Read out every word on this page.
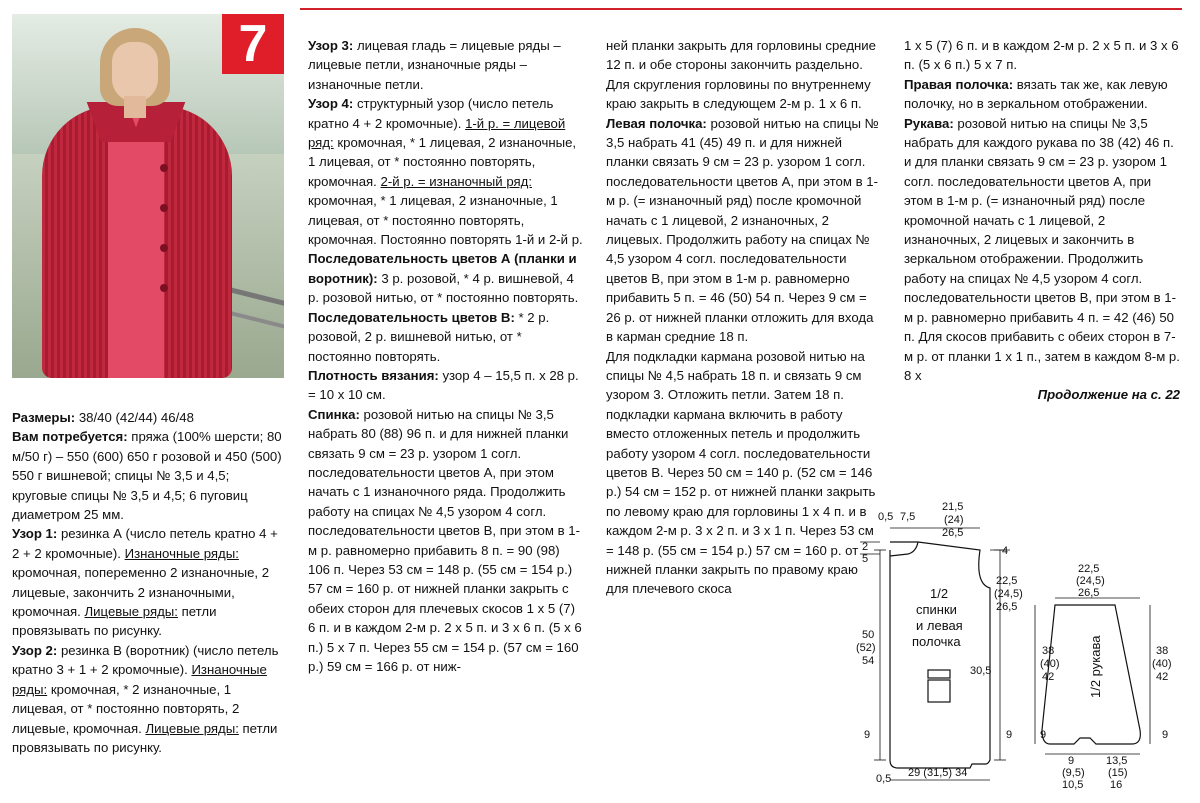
7

Размеры: 38/40 (42/44) 46/48

Вам потребуется: пряжа (100% шерсти; 80 м/50 г) – 550 (600) 650 г розовой и 450 (500) 550 г вишневой; спицы № 3,5 и 4,5; круговые спицы № 3,5 и 4,5; 6 пуговиц диаметром 25 мм.

Узор 1: резинка А (число петель кратно 4 + 2 + 2 кромочные). Изнаночные ряды: кромочная, попеременно 2 изнаночные, 2 лицевые, закончить 2 изнаночными, кромочная. Лицевые ряды: петли провязывать по рисунку.

Узор 2: резинка В (воротник) (число петель кратно 3 + 1 + 2 кромочные). Изнаночные ряды: кромочная, * 2 изнаночные, 1 лицевая, от * постоянно повторять, 2 лицевые, кромочная. Лицевые ряды: петли провязывать по рисунку.

Узор 3: лицевая гладь = лицевые ряды – лицевые петли, изнаночные ряды – изнаночные петли.

Узор 4: структурный узор (число петель кратно 4 + 2 кромочные). 1-й р. = лицевой ряд: кромочная, * 1 лицевая, 2 изнаночные, 1 лицевая, от * постоянно повторять, кромочная. 2-й р. = изнаночный ряд: кромочная, * 1 лицевая, 2 изнаночные, 1 лицевая, от * постоянно повторять, кромочная. Постоянно повторять 1-й и 2-й р.

Последовательность цветов А (планки и воротник): 3 р. розовой, * 4 р. вишневой, 4 р. розовой нитью, от * постоянно повторять.

Последовательность цветов В: * 2 р. розовой, 2 р. вишневой нитью, от * постоянно повторять.

Плотность вязания: узор 4 – 15,5 п. х 28 р. = 10 х 10 см.

Спинка: розовой нитью на спицы № 3,5 набрать 80 (88) 96 п. и для нижней планки связать 9 см = 23 р. узором 1 согл. последовательности цветов А, при этом начать с 1 изнаночного ряда. Продолжить работу на спицах № 4,5 узором 4 согл. последовательности цветов В, при этом в 1-м р. равномерно прибавить 8 п. = 90 (98) 106 п. Через 53 см = 148 р. (55 см = 154 р.) 57 см = 160 р. от нижней планки закрыть с обеих сторон для плечевых скосов 1 х 5 (7) 6 п. и в каждом 2-м р. 2 х 5 п. и 3 х 6 п. (5 х 6 п.) 5 х 7 п. Через 55 см = 154 р. (57 см = 160 р.) 59 см = 166 р. от ниж-

ней планки закрыть для горловины средние 12 п. и обе стороны закончить раздельно. Для скругления горловины по внутреннему краю закрыть в следующем 2-м р. 1 х 6 п.

Левая полочка: розовой нитью на спицы № 3,5 набрать 41 (45) 49 п. и для нижней планки связать 9 см = 23 р. узором 1 согл. последовательности цветов А, при этом в 1-м р. (= изнаночный ряд) после кромочной начать с 1 лицевой, 2 изнаночных, 2 лицевых. Продолжить работу на спицах № 4,5 узором 4 согл. последовательности цветов В, при этом в 1-м р. равномерно прибавить 5 п. = 46 (50) 54 п. Через 9 см = 26 р. от нижней планки отложить для входа в карман средние 18 п.

Для подкладки кармана розовой нитью на спицы № 4,5 набрать 18 п. и связать 9 см узором 3. Отложить петли. Затем 18 п. подкладки кармана включить в работу вместо отложенных петель и продолжить работу узором 4 согл. последовательности цветов В. Через 50 см = 140 р. (52 см = 146 р.) 54 см = 152 р. от нижней планки закрыть по левому краю для горловины 1 х 4 п. и в каждом 2-м р. 3 х 2 п. и 3 х 1 п. Через 53 см = 148 р. (55 см = 154 р.) 57 см = 160 р. от нижней планки закрыть по правому краю для плечевого скоса

1 х 5 (7) 6 п. и в каждом 2-м р. 2 х 5 п. и 3 х 6 п. (5 х 6 п.) 5 х 7 п.

Правая полочка: вязать так же, как левую полочку, но в зеркальном отображении.

Рукава: розовой нитью на спицы № 3,5 набрать для каждого рукава по 38 (42) 46 п. и для планки связать 9 см = 23 р. узором 1 согл. последовательности цветов А, при этом в 1-м р. (= изнаночный ряд) после кромочной начать с 1 лицевой, 2 изнаночных, 2 лицевых и закончить в зеркальном отображении. Продолжить работу на спицах № 4,5 узором 4 согл. последовательности цветов В, при этом в 1-м р. равномерно прибавить 4 п. = 42 (46) 50 п. Для скосов прибавить с обеих сторон в 7-м р. от планки 1 х 1 п., затем в каждом 8-м р. 8 х

Продолжение на с. 22

0,5 7,5
21,5
(24)
26,5
2
5
4
22,5
(24,5)
26,5
1/2
спинки
и левая
полочка
50
(52)
54
30,5
9	9
0,5 29 (31,5) 34
22,5
(24,5)
26,5
38
(40)
42
38
(40)
42
1/2 рукава
9	9
9
(9,5)
10,5
13,5
(15)
16
